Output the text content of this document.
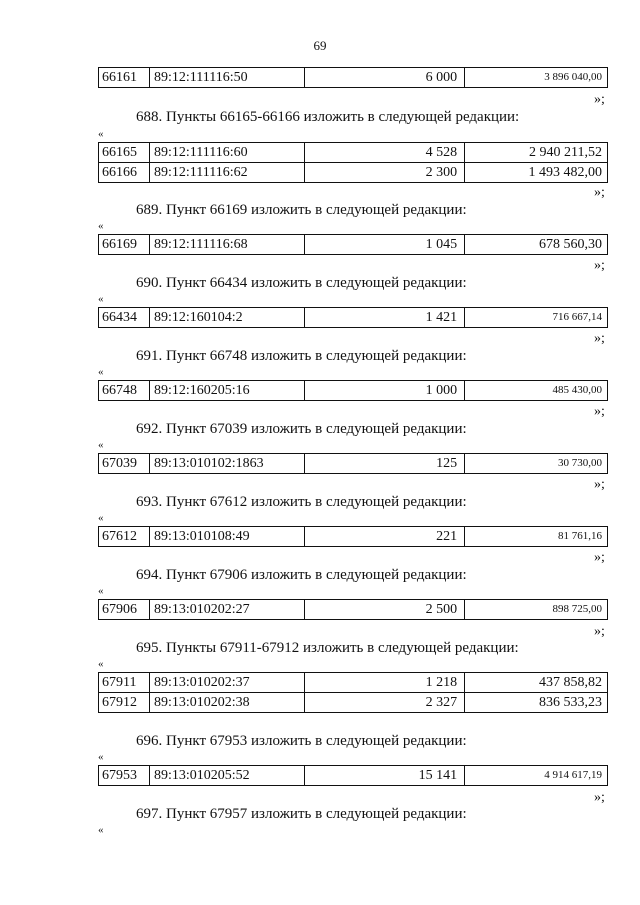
69
66161	89:12:111116:50	6 000	3 896 040,00
»;
688. Пункты 66165-66166 изложить в следующей редакции:
«
66165	89:12:111116:60	4 528	2 940 211,52
66166	89:12:111116:62	2 300	1 493 482,00
»;
689. Пункт 66169 изложить в следующей редакции:
«
66169	89:12:111116:68	1 045	678 560,30
»;
690. Пункт 66434 изложить в следующей редакции:
«
66434	89:12:160104:2	1 421	716 667,14
»;
691. Пункт 66748 изложить в следующей редакции:
«
66748	89:12:160205:16	1 000	485 430,00
»;
692. Пункт 67039 изложить в следующей редакции:
«
67039	89:13:010102:1863	125	30 730,00
»;
693. Пункт 67612 изложить в следующей редакции:
«
67612	89:13:010108:49	221	81 761,16
»;
694. Пункт 67906 изложить в следующей редакции:
«
67906	89:13:010202:27	2 500	898 725,00
»;
695. Пункты 67911-67912 изложить в следующей редакции:
«
67911	89:13:010202:37	1 218	437 858,82
67912	89:13:010202:38	2 327	836 533,23
696. Пункт 67953 изложить в следующей редакции:
«
67953	89:13:010205:52	15 141	4 914 617,19
»;
697. Пункт 67957 изложить в следующей редакции:
«
